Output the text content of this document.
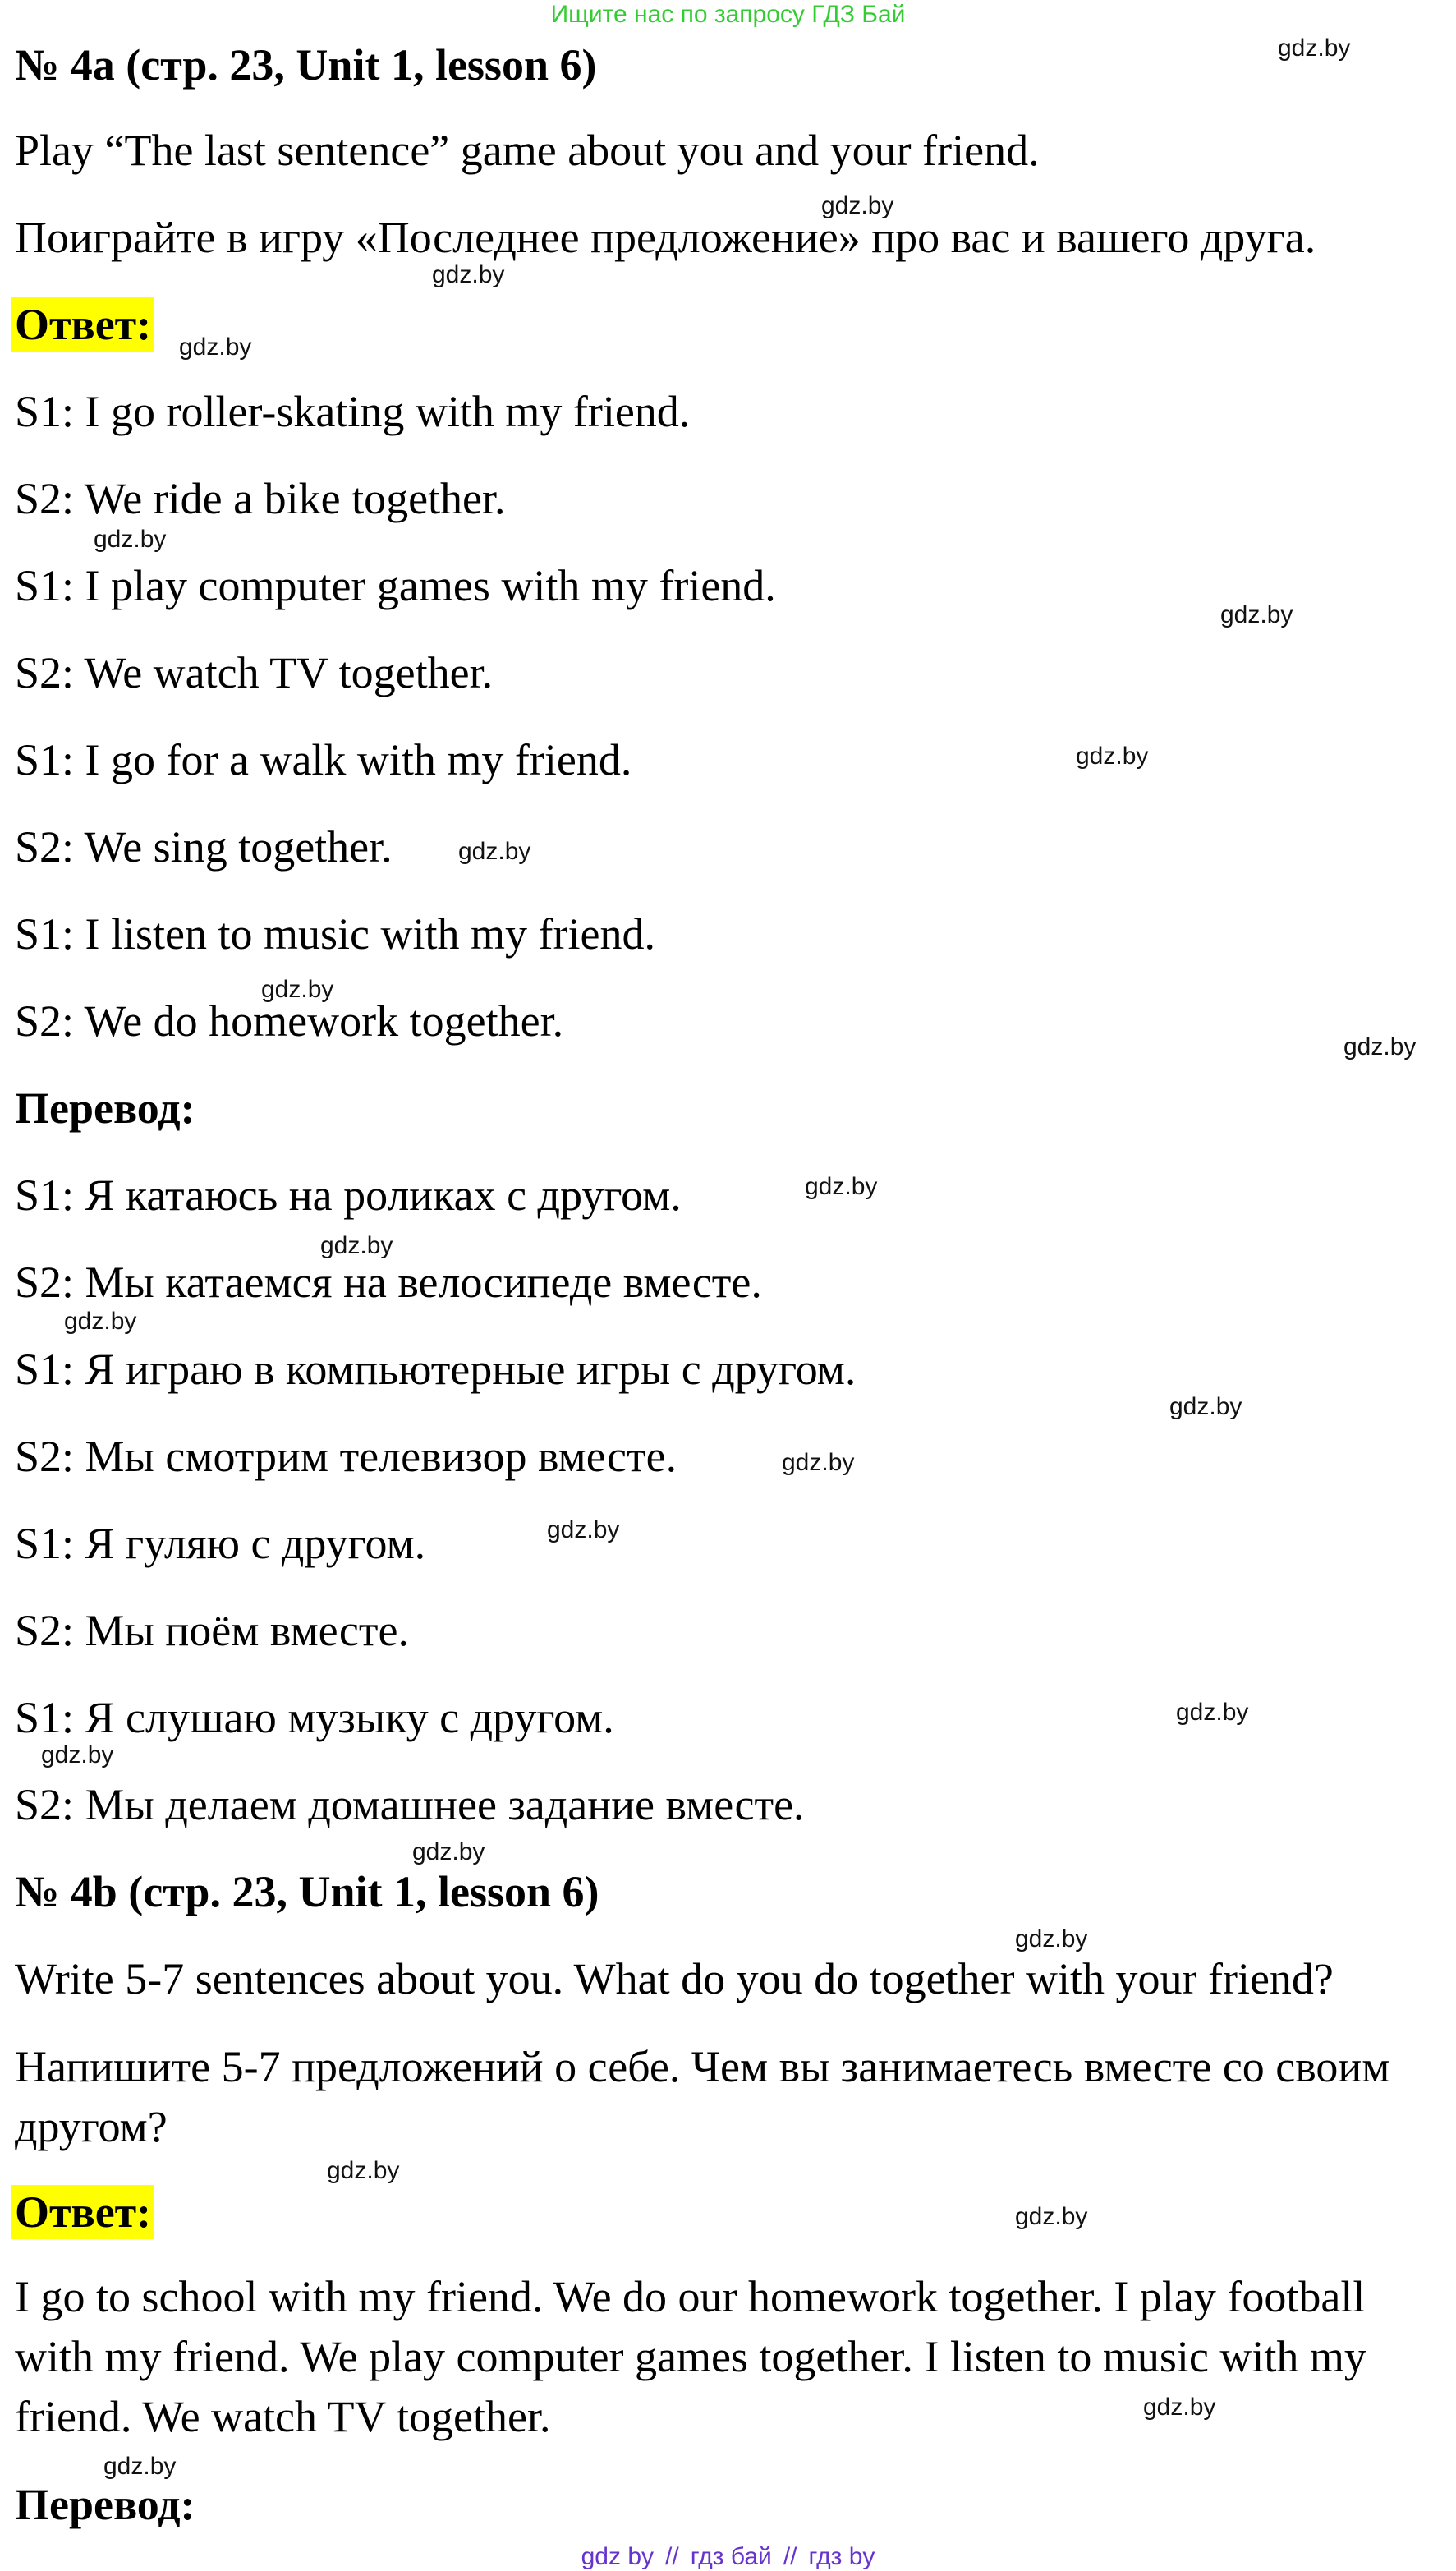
Ищите нас по запросу ГДЗ Бай
№ 4a (стр. 23, Unit 1, lesson 6)
Play “The last sentence” game about you and your friend.
Поиграйте в игру «Последнее предложение» про вас и вашего друга.
Ответ:
S1: I go roller-skating with my friend.
S2: We ride a bike together.
S1: I play computer games with my friend.
S2: We watch TV together.
S1: I go for a walk with my friend.
S2: We sing together.
S1: I listen to music with my friend.
S2: We do homework together.
Перевод:
S1: Я катаюсь на роликах с другом.
S2: Мы катаемся на велосипеде вместе.
S1: Я играю в компьютерные игры с другом.
S2: Мы смотрим телевизор вместе.
S1: Я гуляю с другом.
S2: Мы поём вместе.
S1: Я слушаю музыку с другом.
S2: Мы делаем домашнее задание вместе.
№ 4b (стр. 23, Unit 1, lesson 6)
Write 5-7 sentences about you. What do you do together with your friend?
Напишите 5-7 предложений о себе. Чем вы занимаетесь вместе со своим другом?
Ответ:
I go to school with my friend. We do our homework together. I play football with my friend. We play computer games together. I listen to music with my friend. We watch TV together.
Перевод:
gdz.by
gdz.by
gdz.by
gdz.by
gdz.by
gdz.by
gdz.by
gdz.by
gdz.by
gdz.by
gdz.by
gdz.by
gdz.by
gdz.by
gdz.by
gdz.by
gdz.by
gdz.by
gdz.by
gdz.by
gdz.by
gdz.by
gdz.by
gdz.by
gdz by // гдз бай // гдз by
